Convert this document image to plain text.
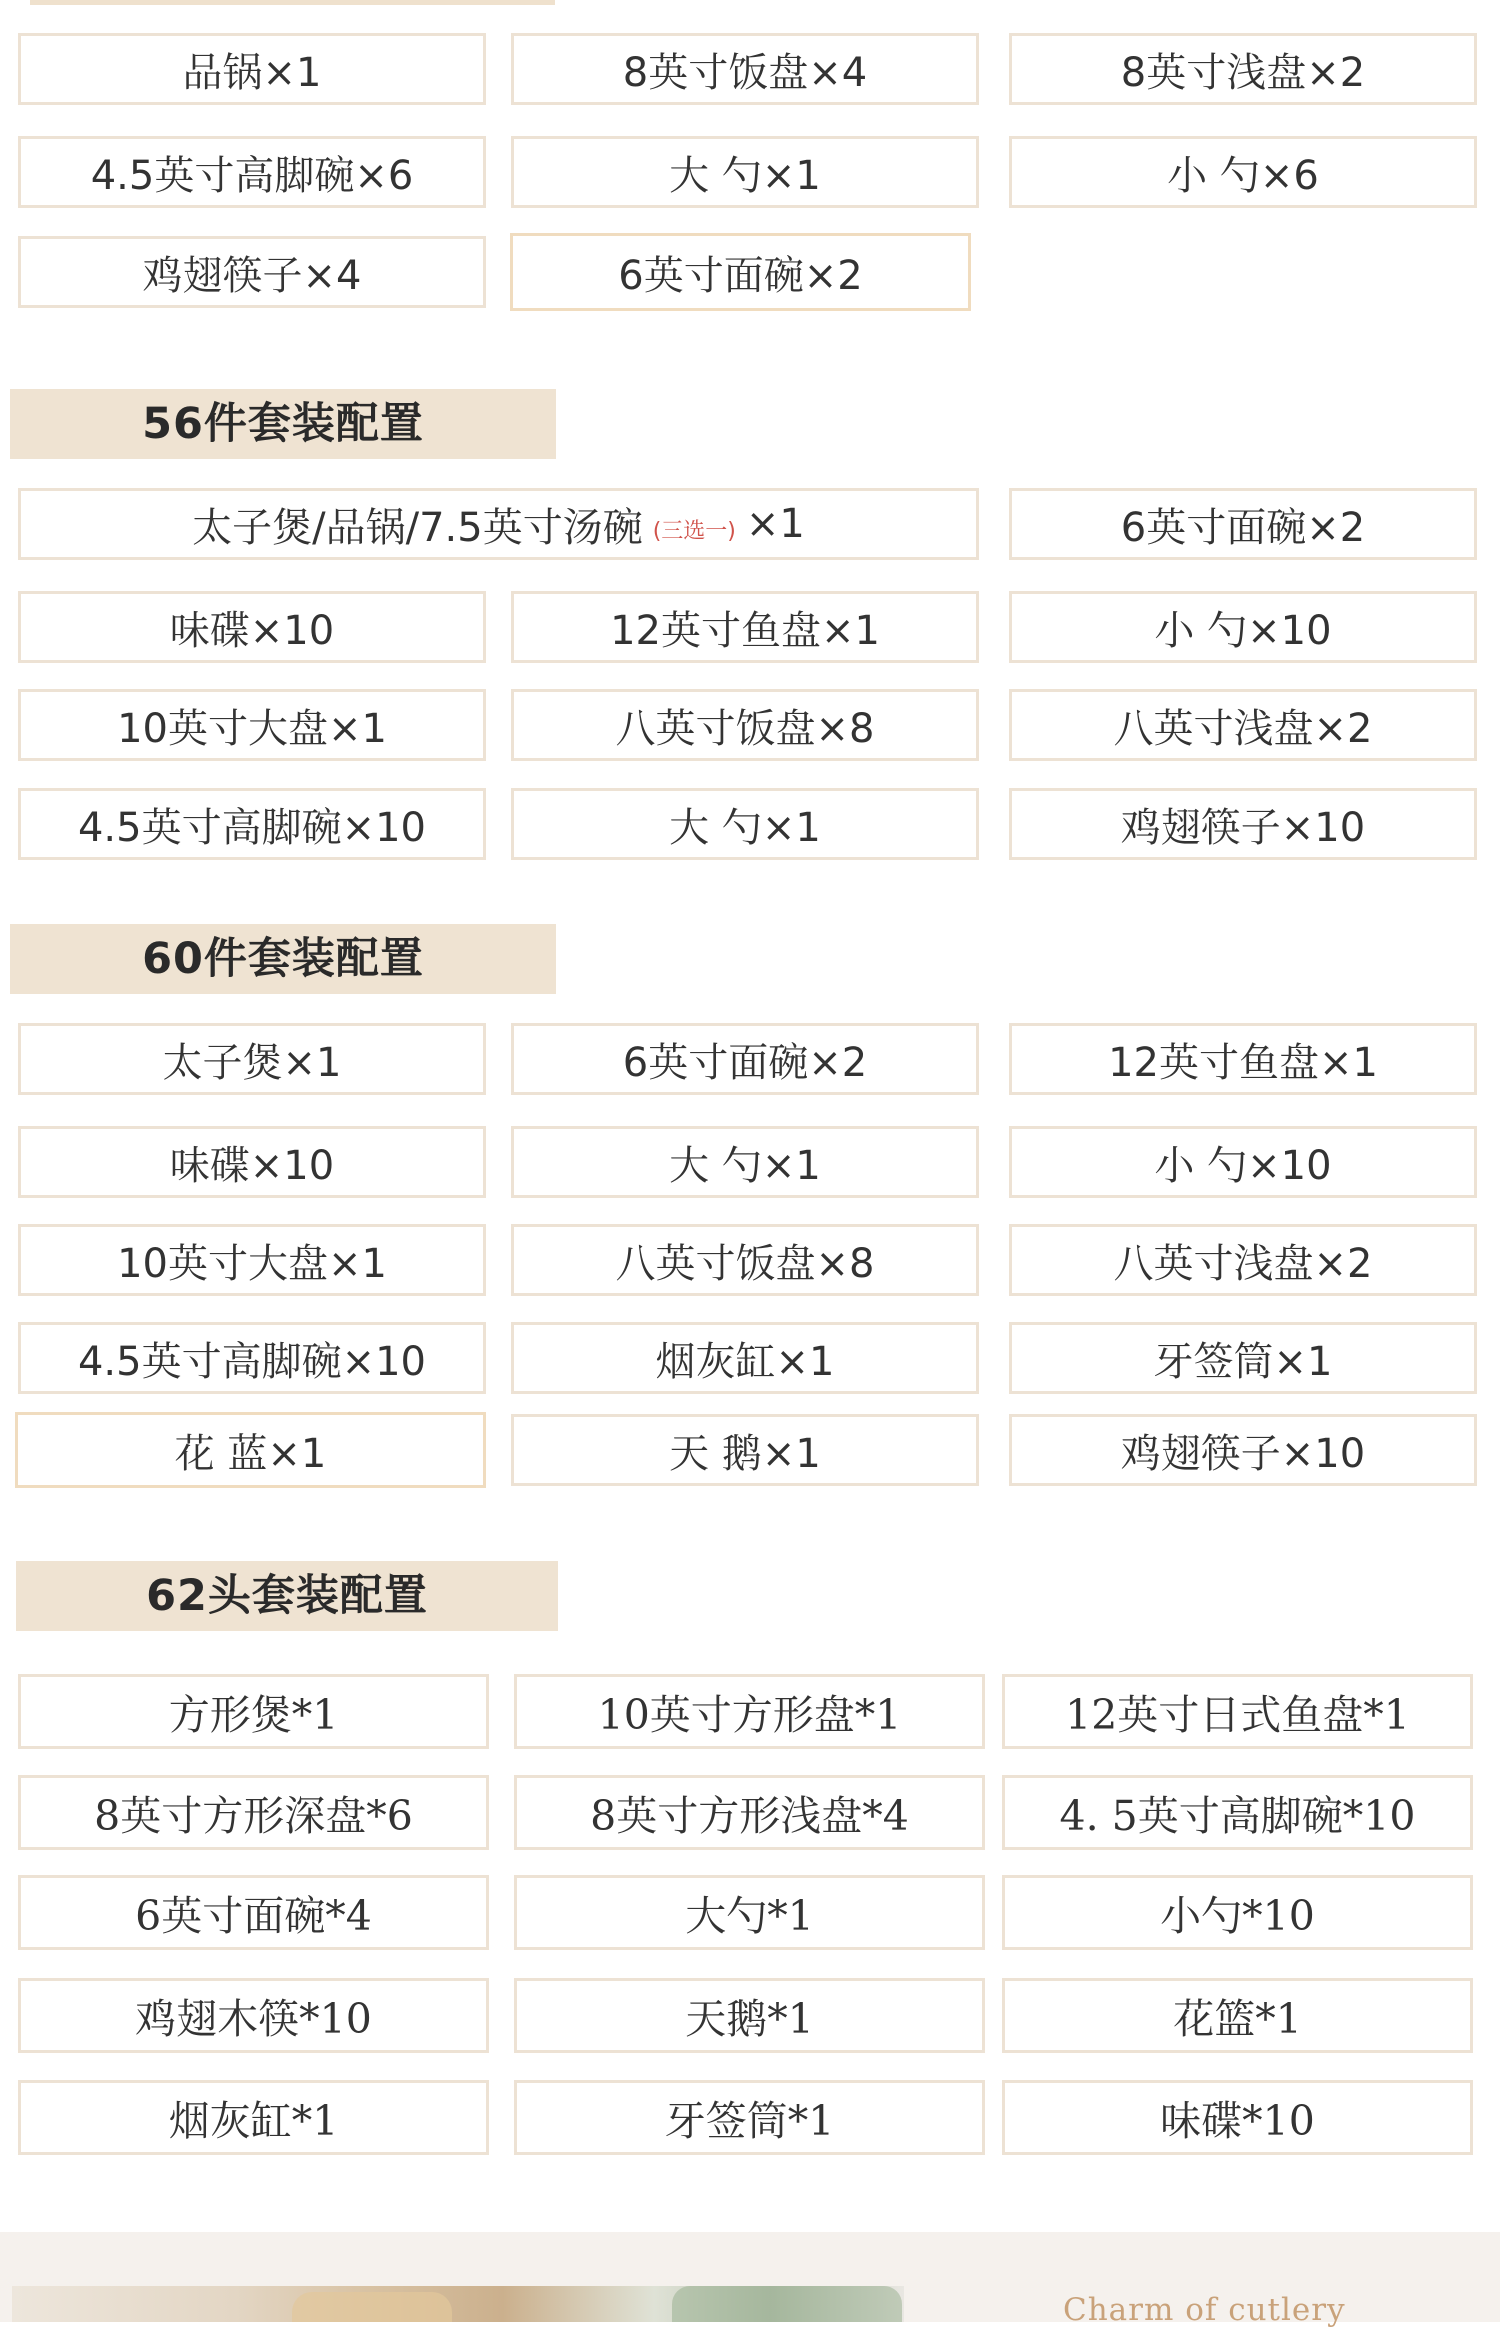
品锅×1	8英寸饭盘×4	8英寸浅盘×2
4.5英寸高脚碗×6	大 勺×1	小 勺×6
鸡翅筷子×4	6英寸面碗×2
56件套装配置
太子煲/品锅/7.5英寸汤碗 (三选一) ×1	6英寸面碗×2
味碟×10	12英寸鱼盘×1	小 勺×10
10英寸大盘×1	八英寸饭盘×8	八英寸浅盘×2
4.5英寸高脚碗×10	大 勺×1	鸡翅筷子×10
60件套装配置
太子煲×1	6英寸面碗×2	12英寸鱼盘×1
味碟×10	大 勺×1	小 勺×10
10英寸大盘×1	八英寸饭盘×8	八英寸浅盘×2
4.5英寸高脚碗×10	烟灰缸×1	牙签筒×1
花 蓝×1	天 鹅×1	鸡翅筷子×10
62头套装配置
方形煲*1	10英寸方形盘*1	12英寸日式鱼盘*1
8英寸方形深盘*6	8英寸方形浅盘*4	4. 5英寸高脚碗*10
6英寸面碗*4	大勺*1	小勺*10
鸡翅木筷*10	天鹅*1	花篮*1
烟灰缸*1	牙签筒*1	味碟*10
Charm of cutlery
